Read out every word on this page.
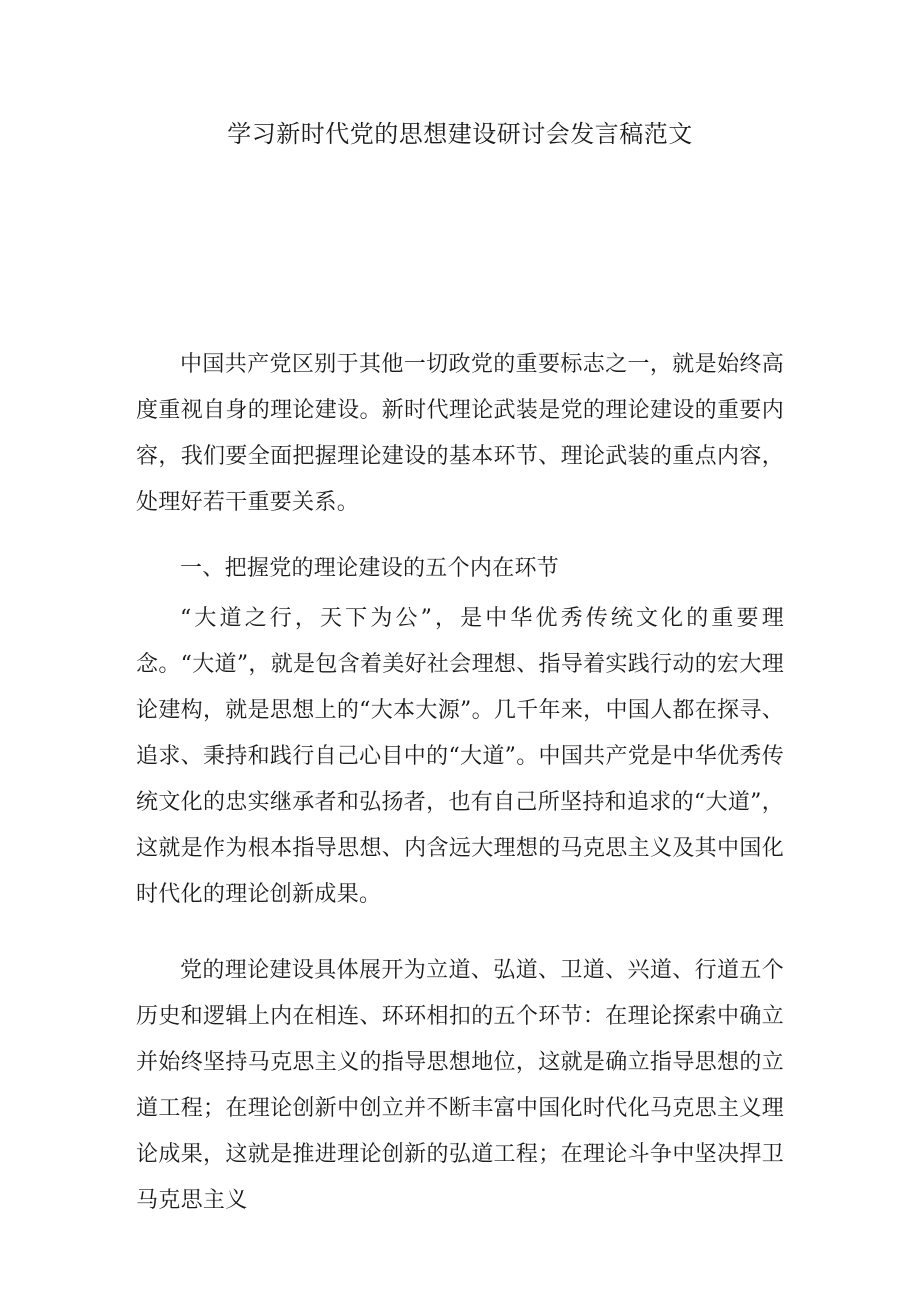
学习新时代党的思想建设研讨会发言稿范文

中国共产党区别于其他一切政党的重要标志之一，就是始终高度重视自身的理论建设。新时代理论武装是党的理论建设的重要内容，我们要全面把握理论建设的基本环节、理论武装的重点内容，处理好若干重要关系。

一、把握党的理论建设的五个内在环节

“大道之行，天下为公”，是中华优秀传统文化的重要理念。“大道”，就是包含着美好社会理想、指导着实践行动的宏大理论建构，就是思想上的“大本大源”。几千年来，中国人都在探寻、追求、秉持和践行自己心目中的“大道”。中国共产党是中华优秀传统文化的忠实继承者和弘扬者，也有自己所坚持和追求的“大道”，这就是作为根本指导思想、内含远大理想的马克思主义及其中国化时代化的理论创新成果。

党的理论建设具体展开为立道、弘道、卫道、兴道、行道五个历史和逻辑上内在相连、环环相扣的五个环节：在理论探索中确立并始终坚持马克思主义的指导思想地位，这就是确立指导思想的立道工程；在理论创新中创立并不断丰富中国化时代化马克思主义理论成果，这就是推进理论创新的弘道工程；在理论斗争中坚决捍卫马克思主义
